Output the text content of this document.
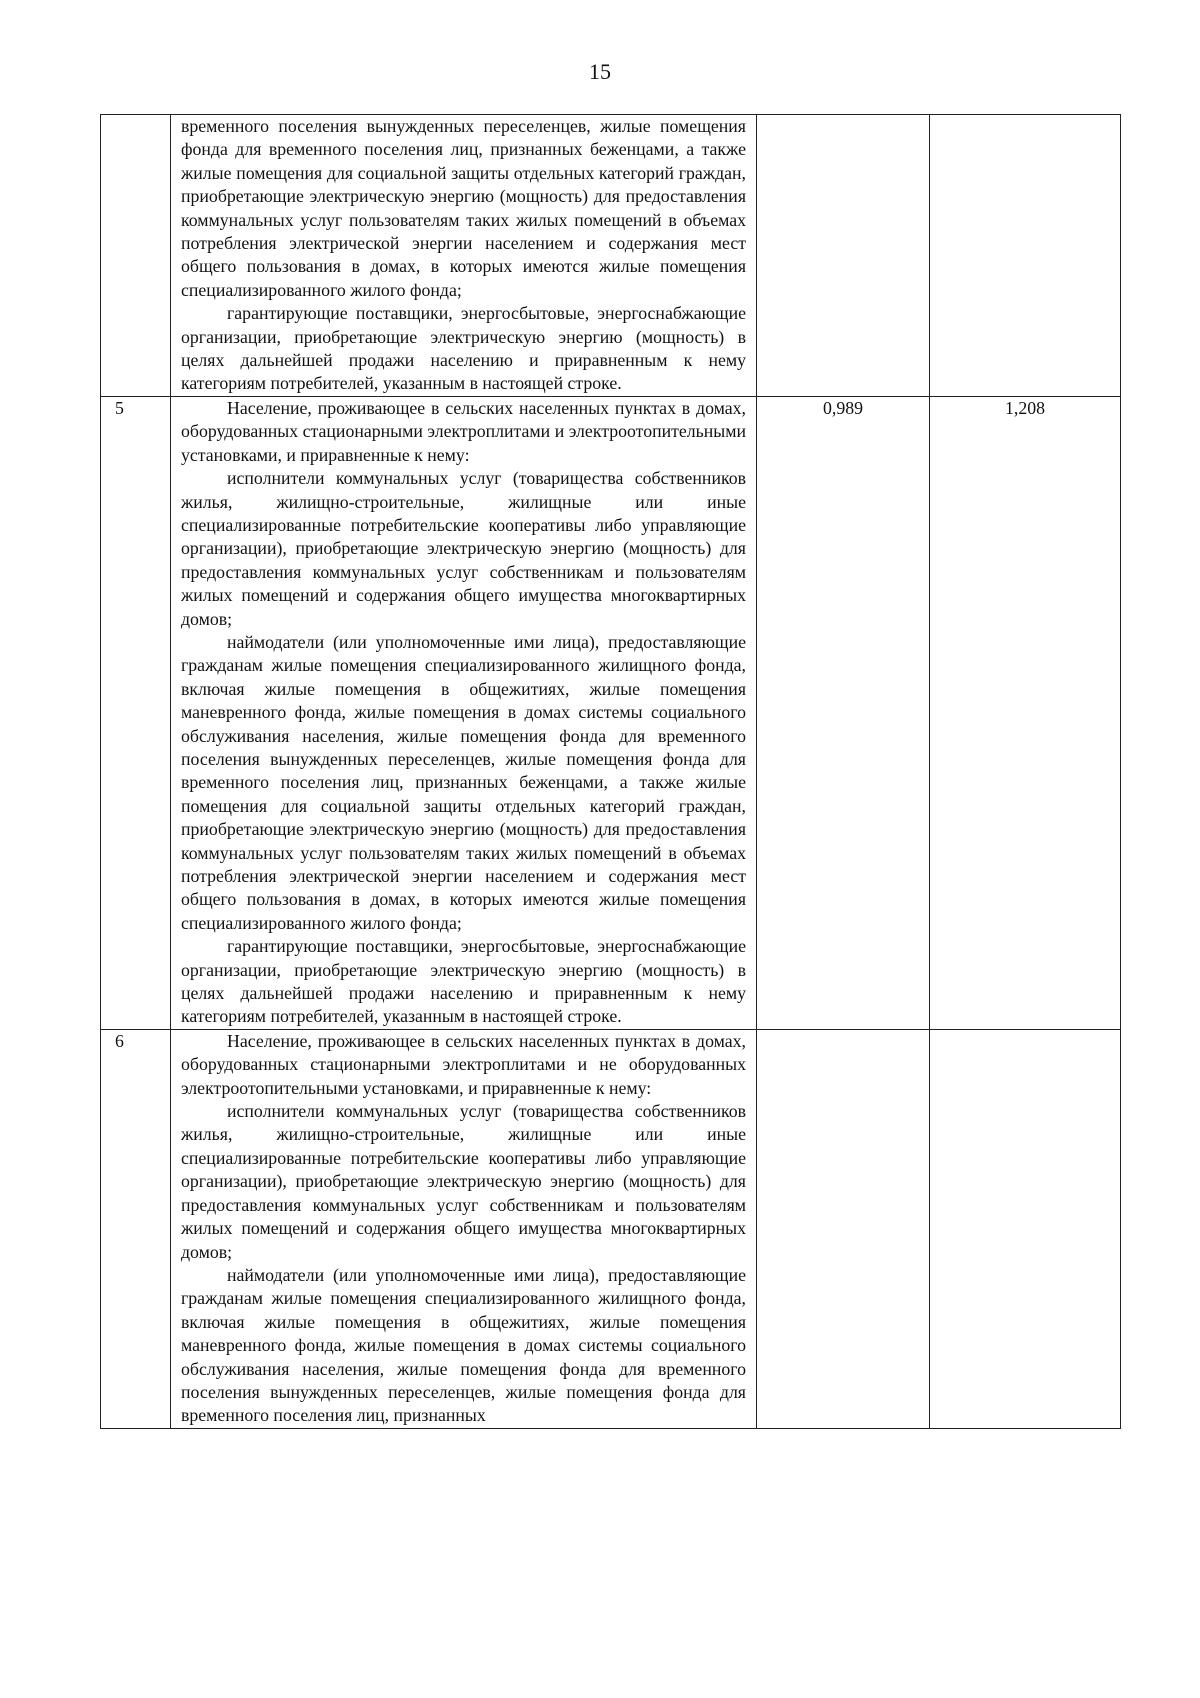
15

	временного поселения вынужденных переселенцев, жилые помещения фонда для временного поселения лиц, признанных беженцами, а также жилые помещения для социальной защиты отдельных категорий граждан, приобретающие электрическую энергию (мощность) для предоставления коммунальных услуг пользователям таких жилых помещений в объемах потребления электрической энергии населением и содержания мест общего пользования в домах, в которых имеются жилые помещения специализированного жилого фонда;

гарантирующие поставщики, энергосбытовые, энергоснабжающие организации, приобретающие электрическую энергию (мощность) в целях дальнейшей продажи населению и приравненным к нему категориям потребителей, указанным в настоящей строке.		

5	Население, проживающее в сельских населенных пунктах в домах, оборудованных стационарными электроплитами и электроотопительными установками, и приравненные к нему:

исполнители коммунальных услуг (товарищества собственников жилья, жилищно-строительные, жилищные или иные специализированные потребительские кооперативы либо управляющие организации), приобретающие электрическую энергию (мощность) для предоставления коммунальных услуг собственникам и пользователям жилых помещений и содержания общего имущества многоквартирных домов;

наймодатели (или уполномоченные ими лица), предоставляющие гражданам жилые помещения специализированного жилищного фонда, включая жилые помещения в общежитиях, жилые помещения маневренного фонда, жилые помещения в домах системы социального обслуживания населения, жилые помещения фонда для временного поселения вынужденных переселенцев, жилые помещения фонда для временного поселения лиц, признанных беженцами, а также жилые помещения для социальной защиты отдельных категорий граждан, приобретающие электрическую энергию (мощность) для предоставления коммунальных услуг пользователям таких жилых помещений в объемах потребления электрической энергии населением и содержания мест общего пользования в домах, в которых имеются жилые помещения специализированного жилого фонда;

гарантирующие поставщики, энергосбытовые, энергоснабжающие организации, приобретающие электрическую энергию (мощность) в целях дальнейшей продажи населению и приравненным к нему категориям потребителей, указанным в настоящей строке.	0,989	1,208
6	Население, проживающее в сельских населенных пунктах в домах, оборудованных стационарными электроплитами и не оборудованных электроотопительными установками, и приравненные к нему:

исполнители коммунальных услуг (товарищества собственников жилья, жилищно-строительные, жилищные или иные специализированные потребительские кооперативы либо управляющие организации), приобретающие электрическую энергию (мощность) для предоставления коммунальных услуг собственникам и пользователям жилых помещений и содержания общего имущества многоквартирных домов;

наймодатели (или уполномоченные ими лица), предоставляющие гражданам жилые помещения специализированного жилищного фонда, включая жилые помещения в общежитиях, жилые помещения маневренного фонда, жилые помещения в домах системы социального обслуживания населения, жилые помещения фонда для временного поселения вынужденных переселенцев, жилые помещения фонда для временного поселения лиц, признанных		
